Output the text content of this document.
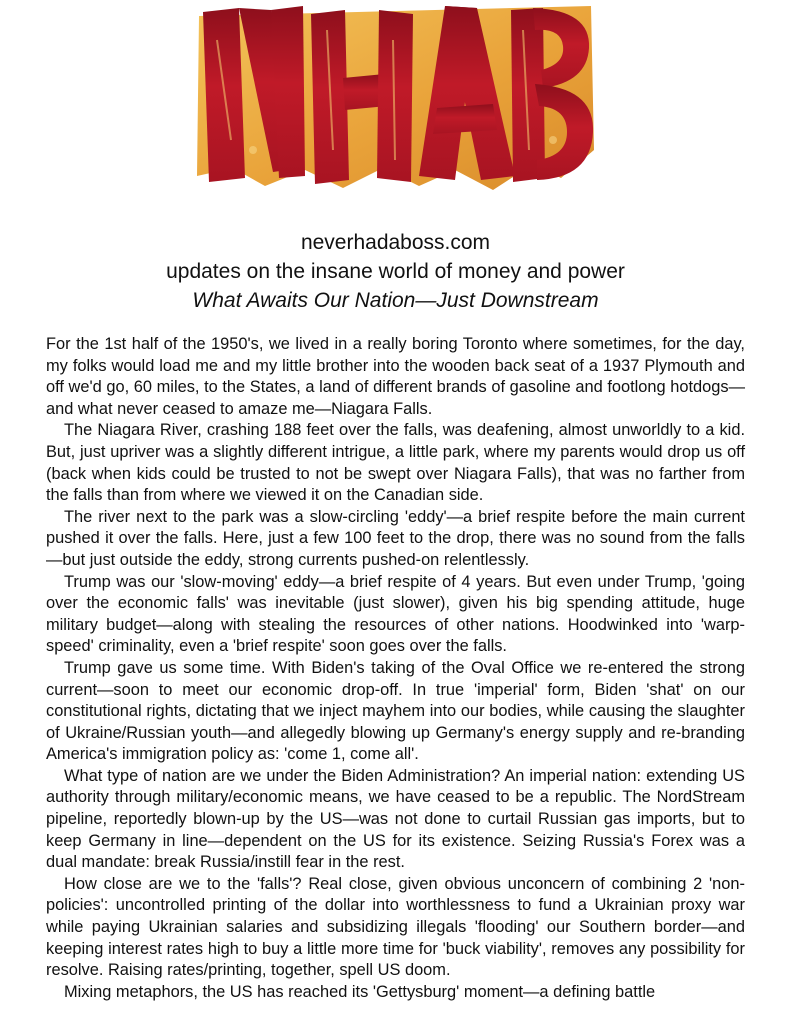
neverhadaboss.com
updates on the insane world of money and power
What Awaits Our Nation—Just Downstream

For the 1st half of the 1950's, we lived in a really boring Toronto where sometimes, for the day, my folks would load me and my little brother into the wooden back seat of a 1937 Plymouth and off we'd go, 60 miles, to the States, a land of different brands of gasoline and footlong hotdogs—and what never ceased to amaze me—Niagara Falls.

The Niagara River, crashing 188 feet over the falls, was deafening, almost unworldly to a kid. But, just upriver was a slightly different intrigue, a little park, where my parents would drop us off (back when kids could be trusted to not be swept over Niagara Falls), that was no farther from the falls than from where we viewed it on the Canadian side.

The river next to the park was a slow-circling 'eddy'—a brief respite before the main current pushed it over the falls. Here, just a few 100 feet to the drop, there was no sound from the falls—but just outside the eddy, strong currents pushed-on relentlessly.

Trump was our 'slow-moving' eddy—a brief respite of 4 years. But even under Trump, 'going over the economic falls' was inevitable (just slower), given his big spending attitude, huge military budget—along with stealing the resources of other nations. Hoodwinked into 'warp-speed' criminality, even a 'brief respite' soon goes over the falls.

Trump gave us some time. With Biden's taking of the Oval Office we re-entered the strong current—soon to meet our economic drop-off. In true 'imperial' form, Biden 'shat' on our constitutional rights, dictating that we inject mayhem into our bodies, while causing the slaughter of Ukraine/Russian youth—and allegedly blowing up Germany's energy supply and re-branding America's immigration policy as: 'come 1, come all'.

What type of nation are we under the Biden Administration? An imperial nation: extending US authority through military/economic means, we have ceased to be a republic. The NordStream pipeline, reportedly blown-up by the US—was not done to curtail Russian gas imports, but to keep Germany in line—dependent on the US for its existence. Seizing Russia's Forex was a dual mandate: break Russia/instill fear in the rest.

How close are we to the 'falls'? Real close, given obvious unconcern of combining 2 'non-policies': uncontrolled printing of the dollar into worthlessness to fund a Ukrainian proxy war while paying Ukrainian salaries and subsidizing illegals 'flooding' our Southern border—and keeping interest rates high to buy a little more time for 'buck viability', removes any possibility for resolve. Raising rates/printing, together, spell US doom.

Mixing metaphors, the US has reached its 'Gettysburg' moment—a defining battle
